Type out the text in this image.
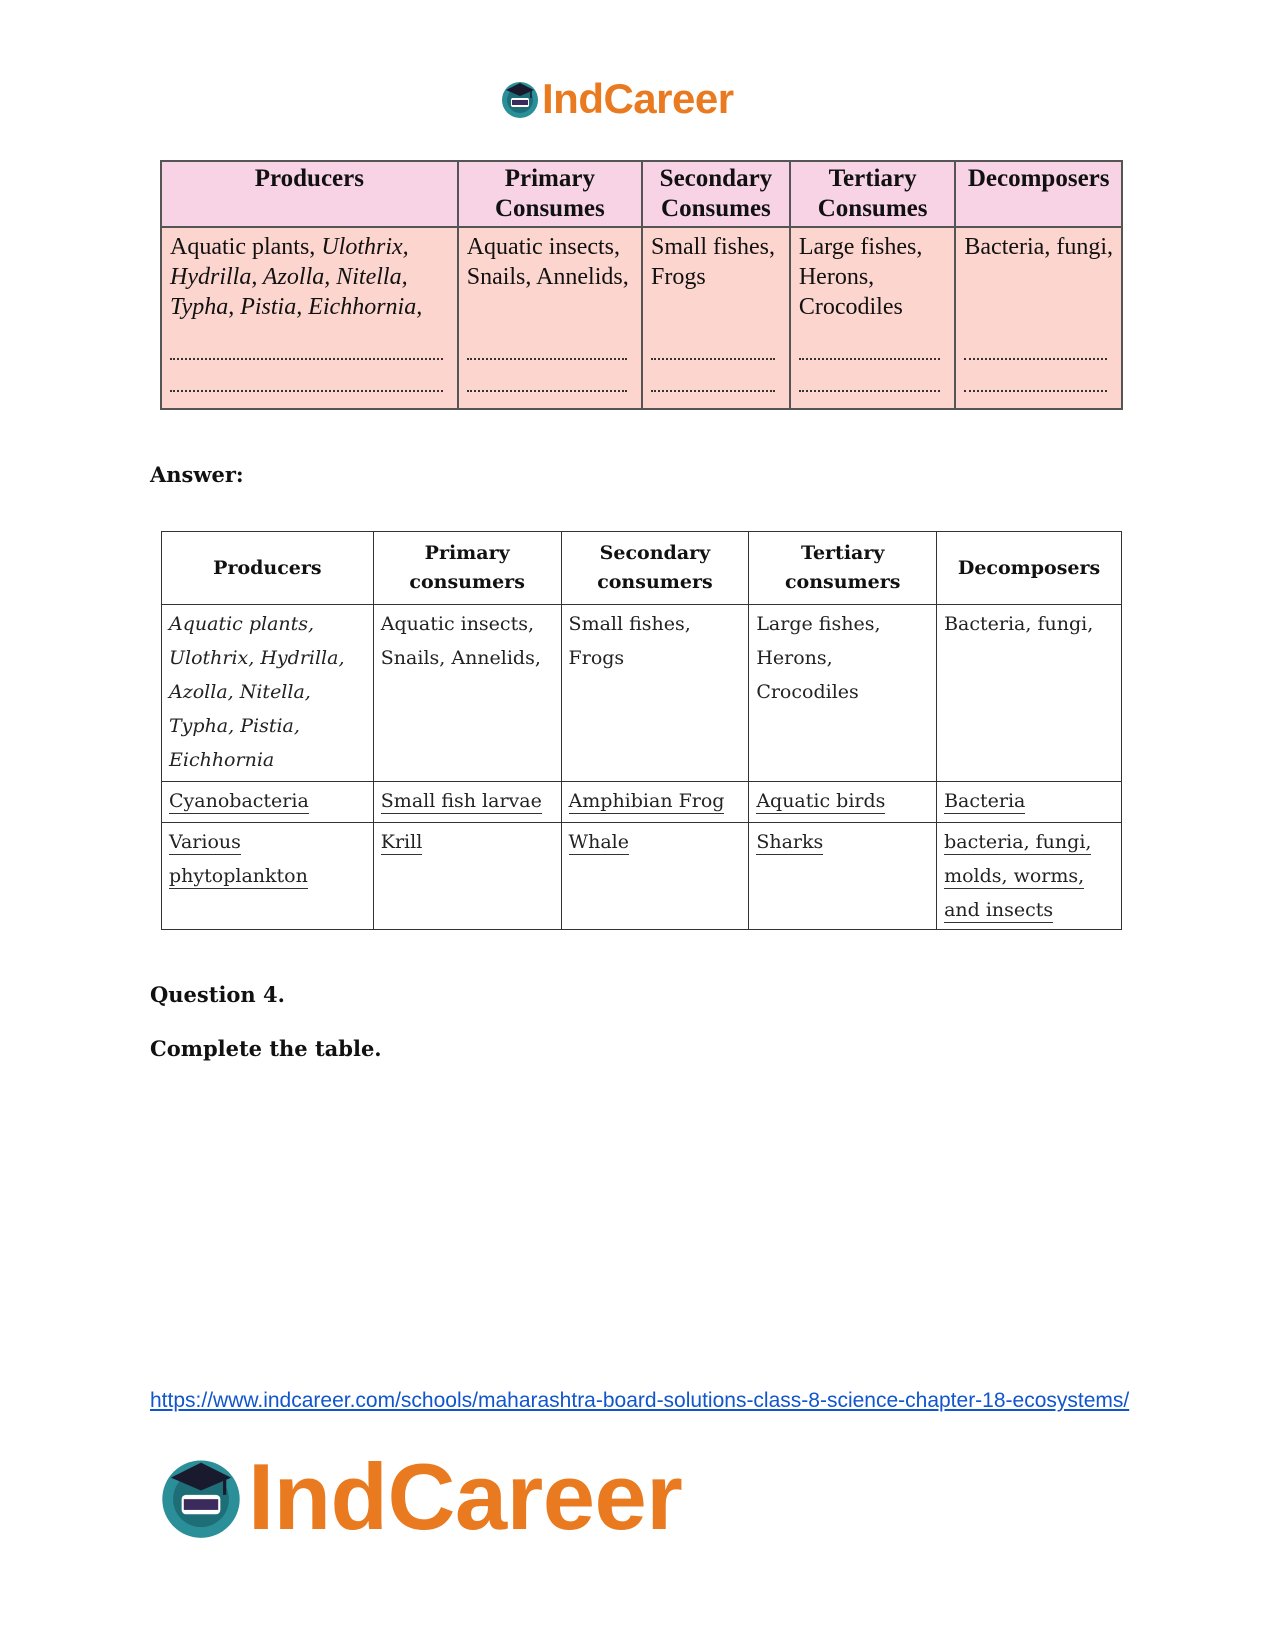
IndCareer
Producers	Primary Consumes	Secondary Consumes	Tertiary Consumes	Decomposers
Aquatic plants, Ulothrix, Hydrilla, Azolla, Nitella, Typha, Pistia, Eichhornia,	Aquatic insects, Snails, Annelids,	Small fishes, Frogs	Large fishes, Herons, Crocodiles	Bacteria, fungi,
Answer:
Producers	Primary consumers	Secondary consumers	Tertiary consumers	Decomposers
Aquatic plants, Ulothrix, Hydrilla, Azolla, Nitella, Typha, Pistia, Eichhornia	Aquatic insects, Snails, Annelids,	Small fishes, Frogs	Large fishes, Herons, Crocodiles	Bacteria, fungi,
Cyanobacteria	Small fish larvae	Amphibian Frog	Aquatic birds	Bacteria
Various phytoplankton	Krill	Whale	Sharks	bacteria, fungi, molds, worms, and insects
Question 4.
Complete the table.
https://www.indcareer.com/schools/maharashtra-board-solutions-class-8-science-chapter-18-ecosystems/
IndCareer
